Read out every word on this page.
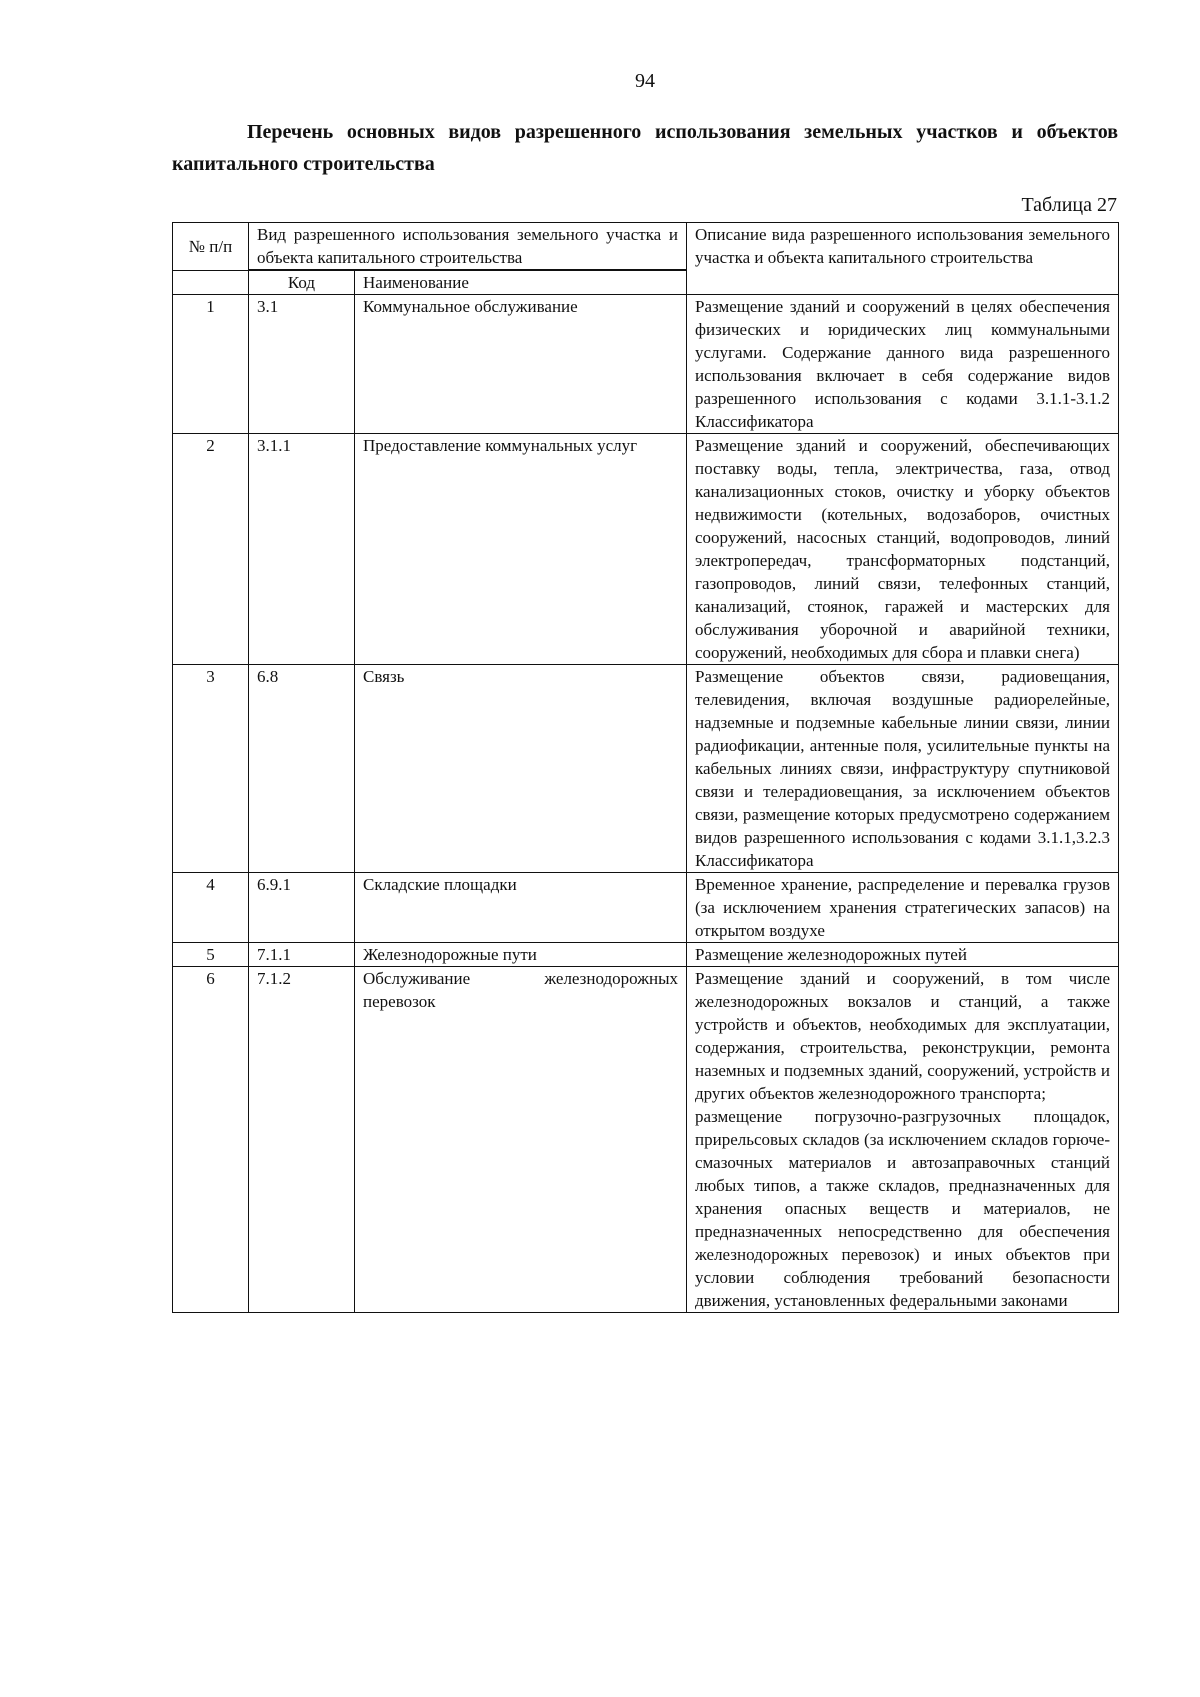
94
Перечень основных видов разрешенного использования земельных участков и объектов капитального строительства
Таблица 27
№ п/п	Вид разрешенного использования земельного участка и объекта капитального строительства		Описание вида разрешенного использования земельного участка и объекта капитального строительства

	Код	Наименование	
1	3.1	Коммунальное обслуживание	Размещение зданий и сооружений в целях обеспечения физических и юридических лиц коммунальными услугами. Содержание данного вида разрешенного использования включает в себя содержание видов разрешенного использования с кодами 3.1.1-3.1.2 Классификатора
2	3.1.1	Предоставление коммунальных услуг	Размещение зданий и сооружений, обеспечивающих поставку воды, тепла, электричества, газа, отвод канализационных стоков, очистку и уборку объектов недвижимости (котельных, водозаборов, очистных сооружений, насосных станций, водопроводов, линий электропередач, трансформаторных подстанций, газопроводов, линий связи, телефонных станций, канализаций, стоянок, гаражей и мастерских для обслуживания уборочной и аварийной техники, сооружений, необходимых для сбора и плавки снега)
3	6.8	Связь	Размещение объектов связи, радиовещания, телевидения, включая воздушные радиорелейные, надземные и подземные кабельные линии связи, линии радиофикации, антенные поля, усилительные пункты на кабельных линиях связи, инфраструктуру спутниковой связи и телерадиовещания, за исключением объектов связи, размещение которых предусмотрено содержанием видов разрешенного использования с кодами 3.1.1,3.2.3 Классификатора
4	6.9.1	Складские площадки	Временное хранение, распределение и перевалка грузов (за исключением хранения стратегических запасов) на открытом воздухе
5	7.1.1	Железнодорожные пути	Размещение железнодорожных путей
6	7.1.2	Обслуживание железнодорожных перевозок	Размещение зданий и сооружений, в том числе железнодорожных вокзалов и станций, а также устройств и объектов, необходимых для эксплуатации, содержания, строительства, реконструкции, ремонта наземных и подземных зданий, сооружений, устройств и других объектов железнодорожного транспорта;
размещение погрузочно-разгрузочных площадок, прирельсовых складов (за исключением складов горюче-смазочных материалов и автозаправочных станций любых типов, а также складов, предназначенных для хранения опасных веществ и материалов, не предназначенных непосредственно для обеспечения железнодорожных перевозок) и иных объектов при условии соблюдения требований безопасности движения, установленных федеральными законами
